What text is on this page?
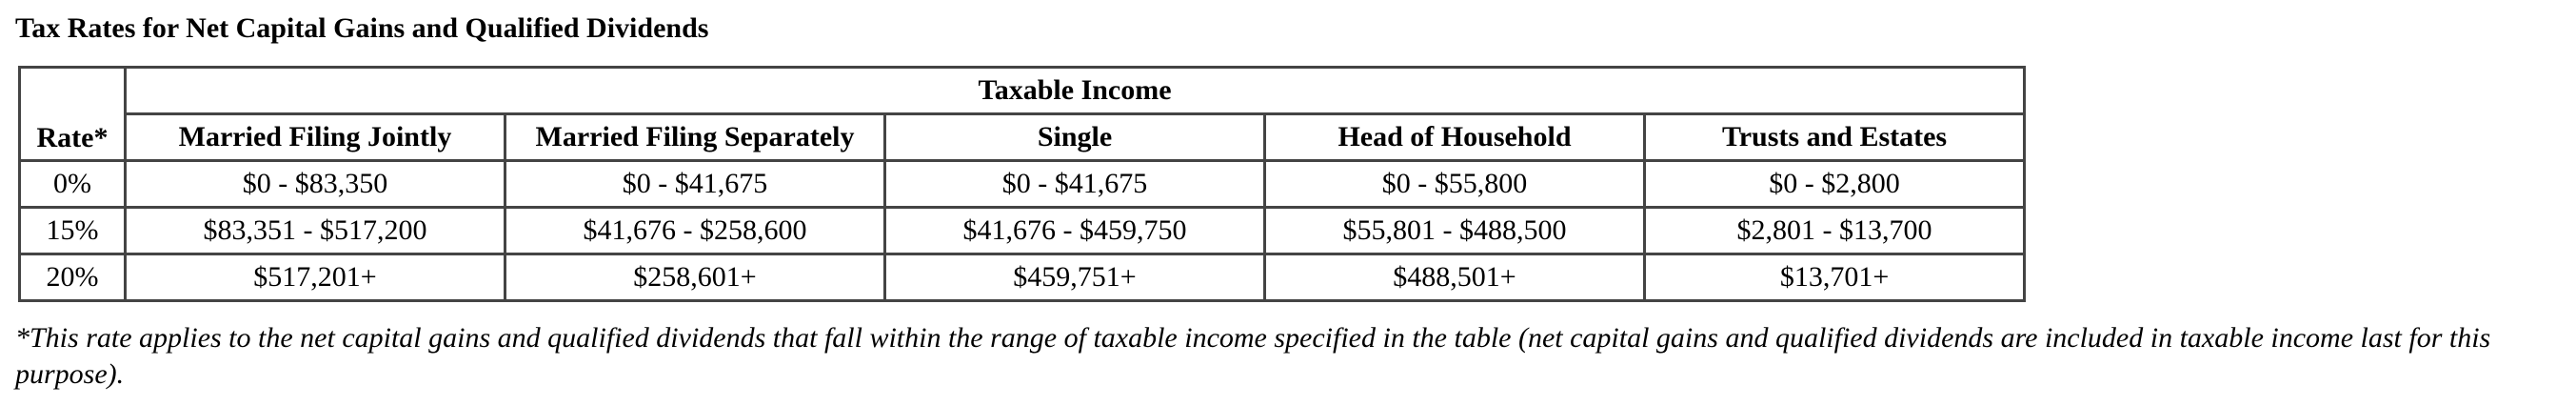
Tax Rates for Net Capital Gains and Qualified Dividends
Rate*	Taxable Income				
	Married Filing Jointly	Married Filing Separately	Single	Head of Household	Trusts and Estates
0%	$0 - $83,350	$0 - $41,675	$0 - $41,675	$0 - $55,800	$0 - $2,800
15%	$83,351 - $517,200	$41,676 - $258,600	$41,676 - $459,750	$55,801 - $488,500	$2,801 - $13,700
20%	$517,201+	$258,601+	$459,751+	$488,501+	$13,701+
*This rate applies to the net capital gains and qualified dividends that fall within the range of taxable income specified in the table (net capital gains and qualified dividends are included in taxable income last for this purpose).
